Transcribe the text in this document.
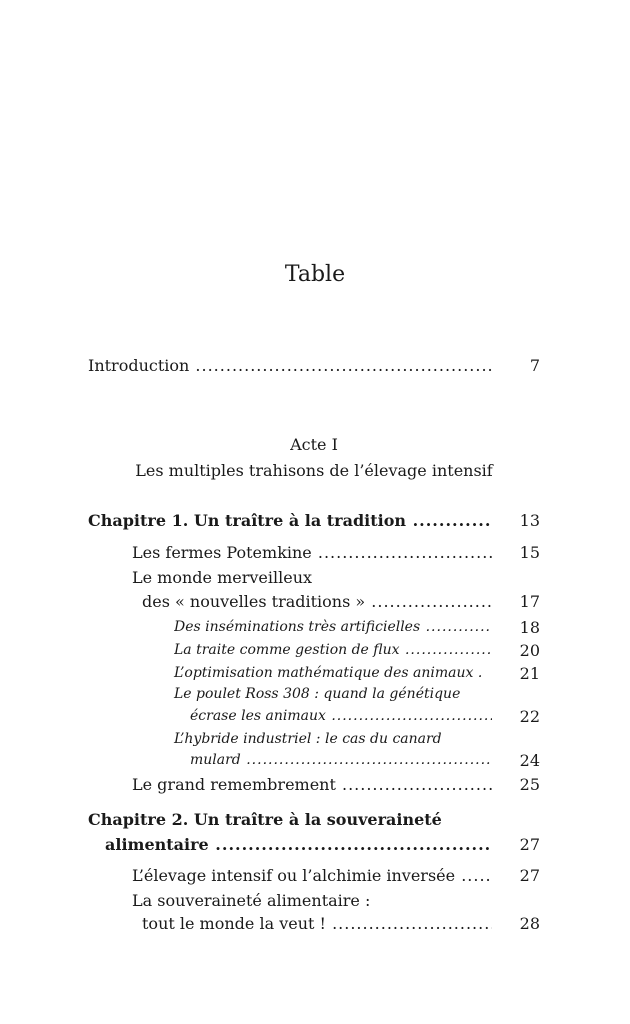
Table
Introduction .....	7
Acte I
Les multiples trahisons de l’élevage intensif
Chapitre 1. Un traître à la tradition .....	13
Les fermes Potemkine .....	15
Le monde merveilleux
des « nouvelles traditions » .....	17
Des inséminations très artificielles .....	18
La traite comme gestion de flux .....	20
L’optimisation mathématique des animaux .	21
Le poulet Ross 308 : quand la génétique
écrase les animaux .....	22
L’hybride industriel : le cas du canard
mulard .....	24
Le grand remembrement .....	25
Chapitre 2. Un traître à la souveraineté
alimentaire .....	27
L’élevage intensif ou l’alchimie inversée .....	27
La souveraineté alimentaire :
tout le monde la veut ! .....	28
